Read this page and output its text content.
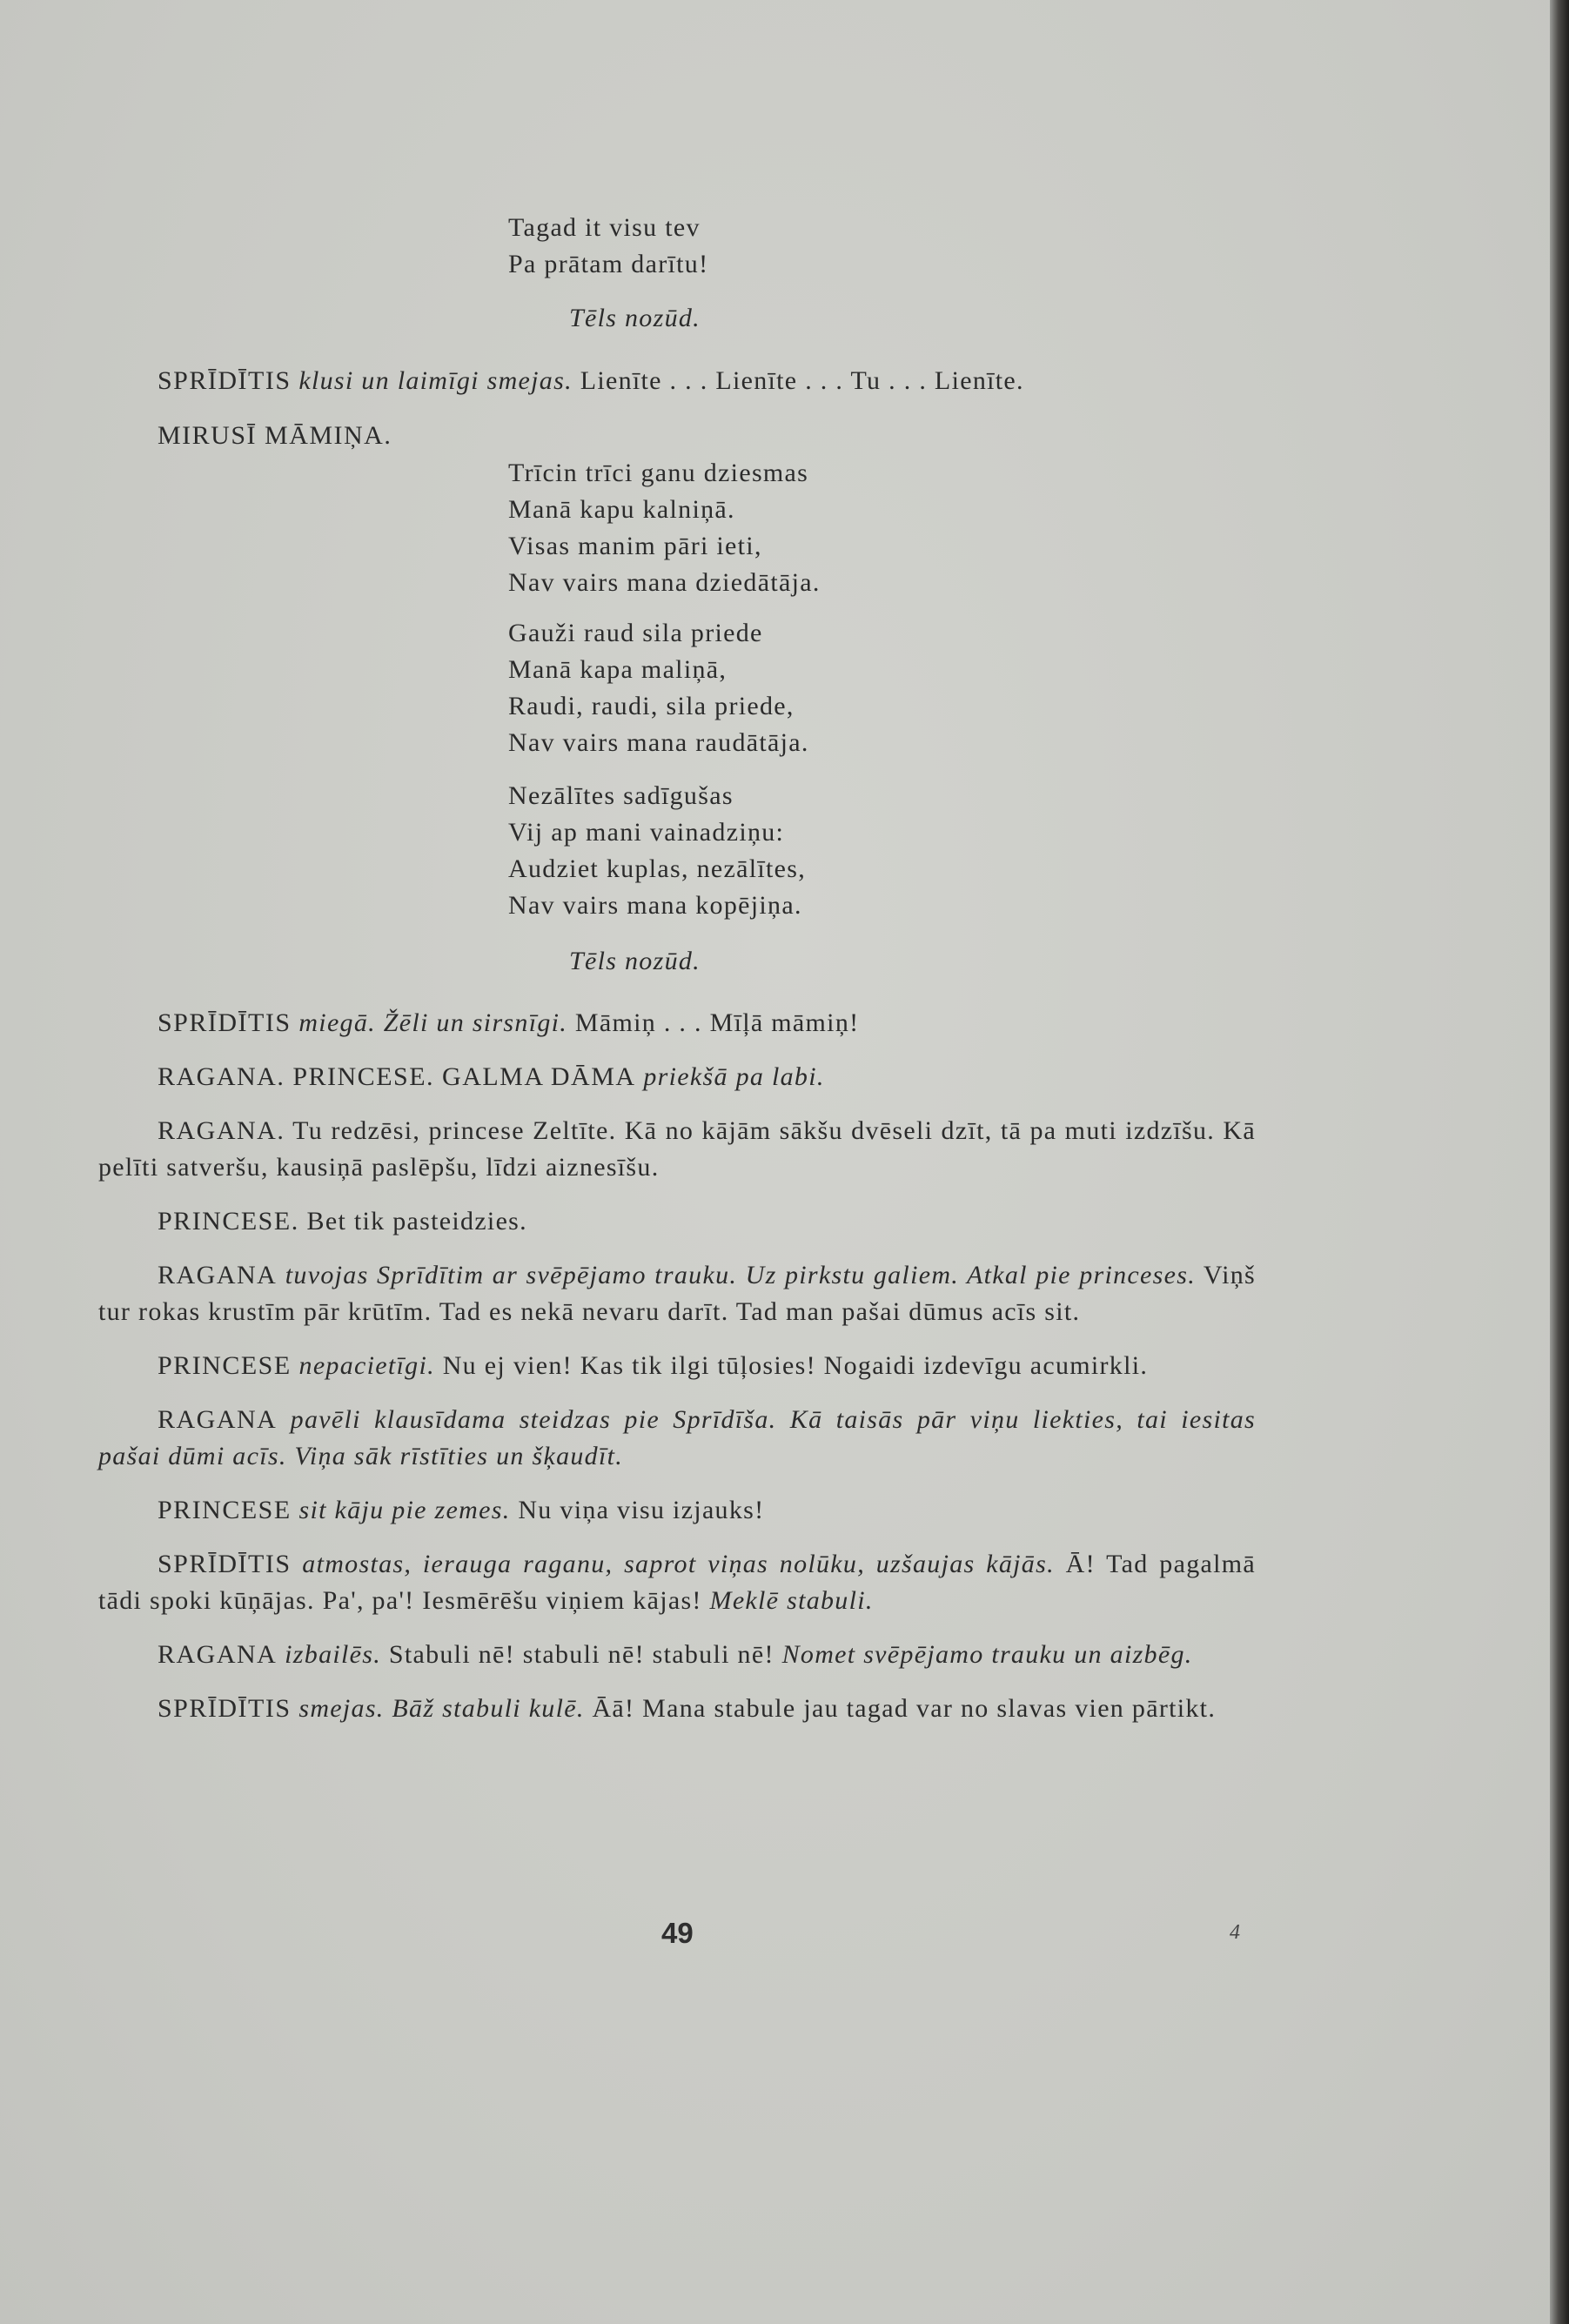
Tagad it visu tev
Pa prātam darītu!
Tēls nozūd.
SPRĪDĪTIS klusi un laimīgi smejas. Lienīte . . . Lienīte . . . Tu . . . Lienīte.
MIRUSĪ MĀMIŅA.
Trīcin trīci ganu dziesmas
Manā kapu kalniņā.
Visas manim pāri ieti,
Nav vairs mana dziedātāja.
Gauži raud sila priede
Manā kapa maliņā,
Raudi, raudi, sila priede,
Nav vairs mana raudātāja.
Nezālītes sadīgušas
Vij ap mani vainadziņu:
Audziet kuplas, nezālītes,
Nav vairs mana kopējiņa.
Tēls nozūd.

SPRĪDĪTIS miegā. Žēli un sirsnīgi. Māmiņ . . . Mīļā māmiņ!

RAGANA. PRINCESE. GALMA DĀMA priekšā pa labi.

RAGANA. Tu redzēsi, princese Zeltīte. Kā no kājām sākšu dvēseli dzīt, tā pa muti izdzīšu. Kā pelīti satveršu, kausiņā paslēpšu, līdzi aiznesīšu.

PRINCESE. Bet tik pasteidzies.

RAGANA tuvojas Sprīdītim ar svēpējamo trauku. Uz pirkstu galiem. Atkal pie princeses. Viņš tur rokas krustīm pār krūtīm. Tad es nekā nevaru darīt. Tad man pašai dūmus acīs sit.

PRINCESE nepacietīgi. Nu ej vien! Kas tik ilgi tūļosies! Nogaidi izdevīgu acumirkli.

RAGANA pavēli klausīdama steidzas pie Sprīdīša. Kā taisās pār viņu liekties, tai iesitas pašai dūmi acīs. Viņa sāk rīstīties un šķaudīt.

PRINCESE sit kāju pie zemes. Nu viņa visu izjauks!

SPRĪDĪTIS atmostas, ierauga raganu, saprot viņas nolūku, uzšaujas kājās. Ā! Tad pagalmā tādi spoki kūņājas. Pa', pa'! Iesmērēšu viņiem kājas! Meklē stabuli.

RAGANA izbailēs. Stabuli nē! stabuli nē! stabuli nē! Nomet svēpējamo trauku un aizbēg.

SPRĪDĪTIS smejas. Bāž stabuli kulē. Āā! Mana stabule jau tagad var no slavas vien pārtikt.

49	4
